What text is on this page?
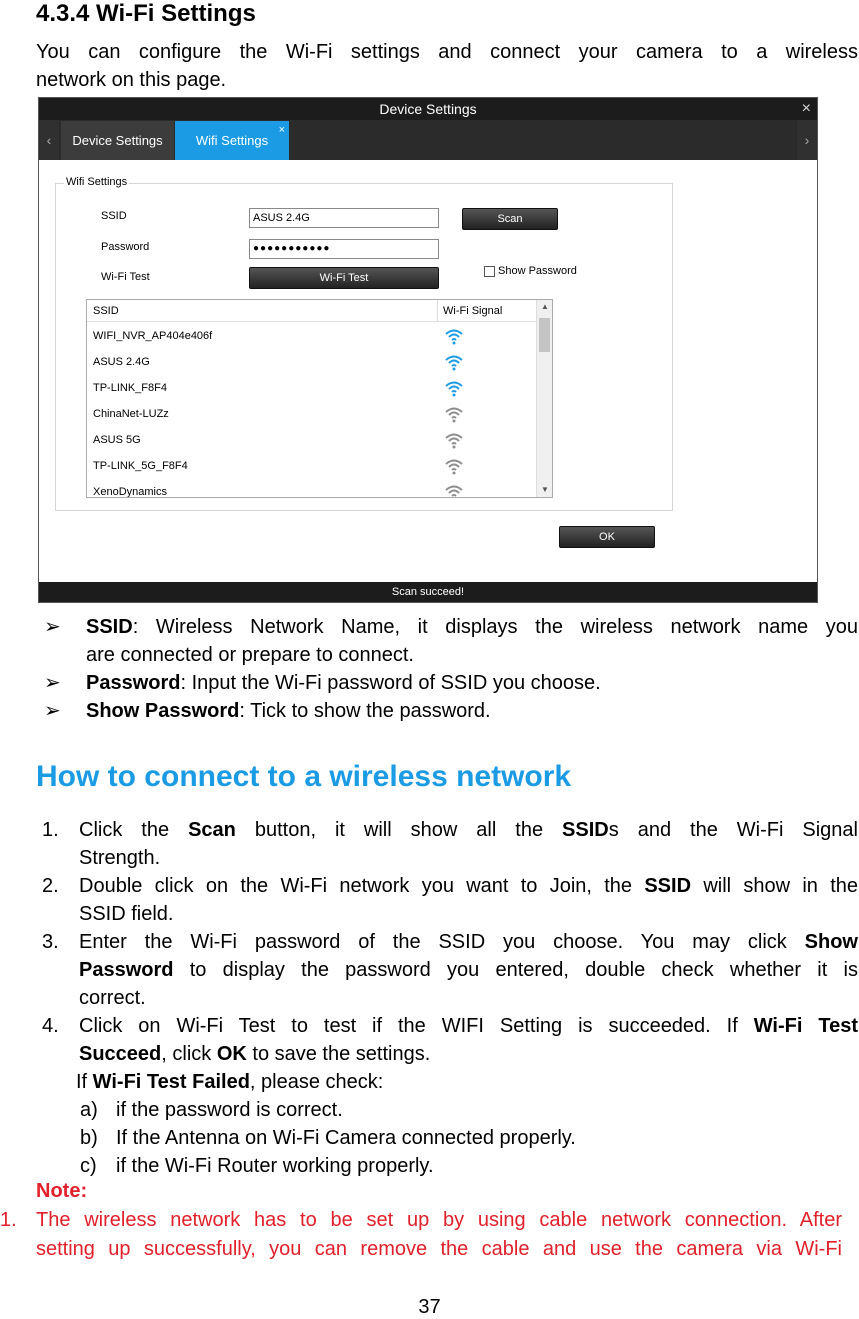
4.3.4 Wi-Fi Settings
You can configure the Wi-Fi settings and connect your camera to a wireless
network on this page.
Device Settings	×
‹	Device Settings	Wifi Settings
×
›
Wifi Settings
SSID	ASUS 2.4G	Scan
Password	●●●●●●●●●●●
Show Password
Wi-Fi Test	Wi-Fi Test
SSID	Wi-Fi Signal
WIFI_NVR_AP404e406f
ASUS 2.4G
TP-LINK_F8F4
ChinaNet-LUZz
ASUS 5G
TP-LINK_5G_F8F4
XenoDynamics
▲
▼
OK
Scan succeed!
➢ SSID: Wireless Network Name, it displays the wireless network name you
are connected or prepare to connect.
➢ Password: Input the Wi-Fi password of SSID you choose.
➢ Show Password: Tick to show the password.
How to connect to a wireless network
1. Click the Scan button, it will show all the SSIDs and the Wi-Fi Signal
Strength.
2. Double click on the Wi-Fi network you want to Join, the SSID will show in the
SSID field.
3. Enter the Wi-Fi password of the SSID you choose. You may click Show
Password to display the password you entered, double check whether it is
correct.
4. Click on Wi-Fi Test to test if the WIFI Setting is succeeded. If Wi-Fi Test
Succeed, click OK to save the settings.
If Wi-Fi Test Failed, please check:
a) if the password is correct.
b) If the Antenna on Wi-Fi Camera connected properly.
c) if the Wi-Fi Router working properly.
Note:
1. The wireless network has to be set up by using cable network connection. After
setting up successfully, you can remove the cable and use the camera via Wi-Fi
37
